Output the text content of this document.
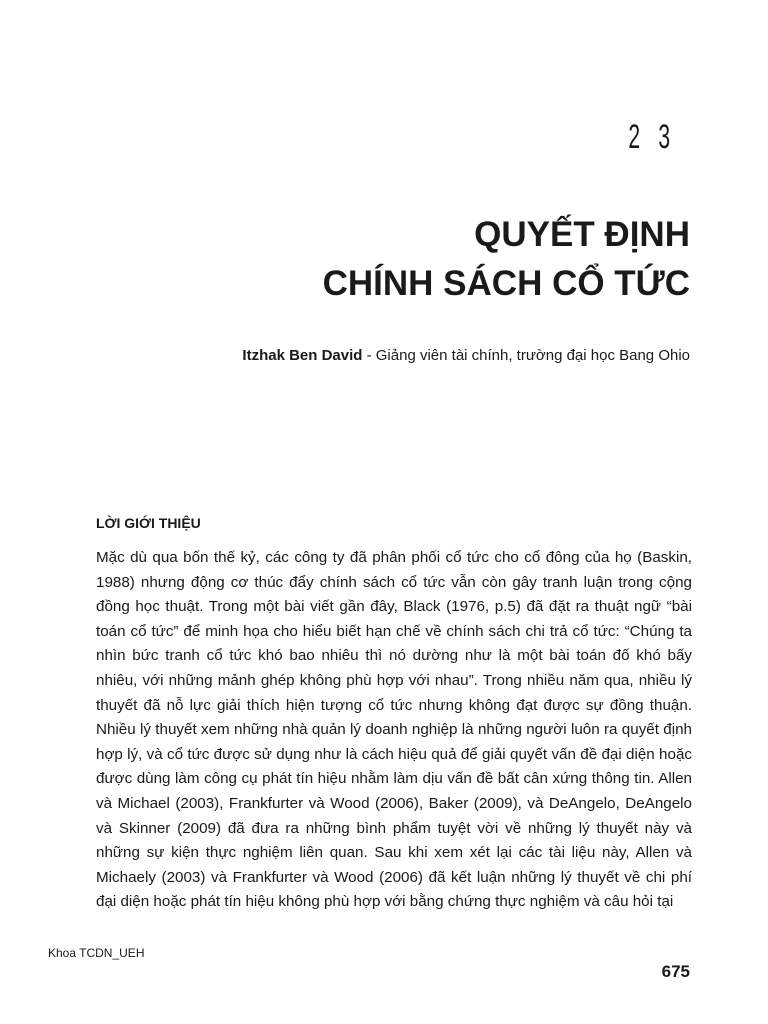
2 3
QUYẾT ĐỊNH
CHÍNH SÁCH CỔ TỨC
Itzhak Ben David - Giảng viên tài chính, trường đại học Bang Ohio
LỜI GIỚI THIỆU

Mặc dù qua bốn thế kỷ, các công ty đã phân phối cổ tức cho cổ đông của họ (Baskin, 1988) nhưng động cơ thúc đẩy chính sách cổ tức vẫn còn gây tranh luận trong cộng đồng học thuật. Trong một bài viết gần đây, Black (1976, p.5) đã đặt ra thuật ngữ “bài toán cổ tức” để minh họa cho hiểu biết hạn chế về chính sách chi trả cổ tức: “Chúng ta nhìn bức tranh cổ tức khó bao nhiêu thì nó dường như là một bài toán đố khó bấy nhiêu, với những mảnh ghép không phù hợp với nhau”. Trong nhiều năm qua, nhiều lý thuyết đã nỗ lực giải thích hiện tượng cổ tức nhưng không đạt được sự đồng thuận. Nhiều lý thuyết xem những nhà quản lý doanh nghiệp là những người luôn ra quyết định hợp lý, và cổ tức được sử dụng như là cách hiệu quả để giải quyết vấn đề đại diện hoặc được dùng làm công cụ phát tín hiệu nhằm làm dịu vấn đề bất cân xứng thông tin. Allen và Michael (2003), Frankfurter và Wood (2006), Baker (2009), và DeAngelo, DeAngelo và Skinner (2009) đã đưa ra những bình phẩm tuyệt vời về những lý thuyết này và những sự kiện thực nghiệm liên quan. Sau khi xem xét lại các tài liệu này, Allen và Michaely (2003) và Frankfurter và Wood (2006) đã kết luận những lý thuyết về chi phí đại diện hoặc phát tín hiệu không phù hợp với bằng chứng thực nghiệm và câu hỏi tại

Khoa TCDN_UEH
675
